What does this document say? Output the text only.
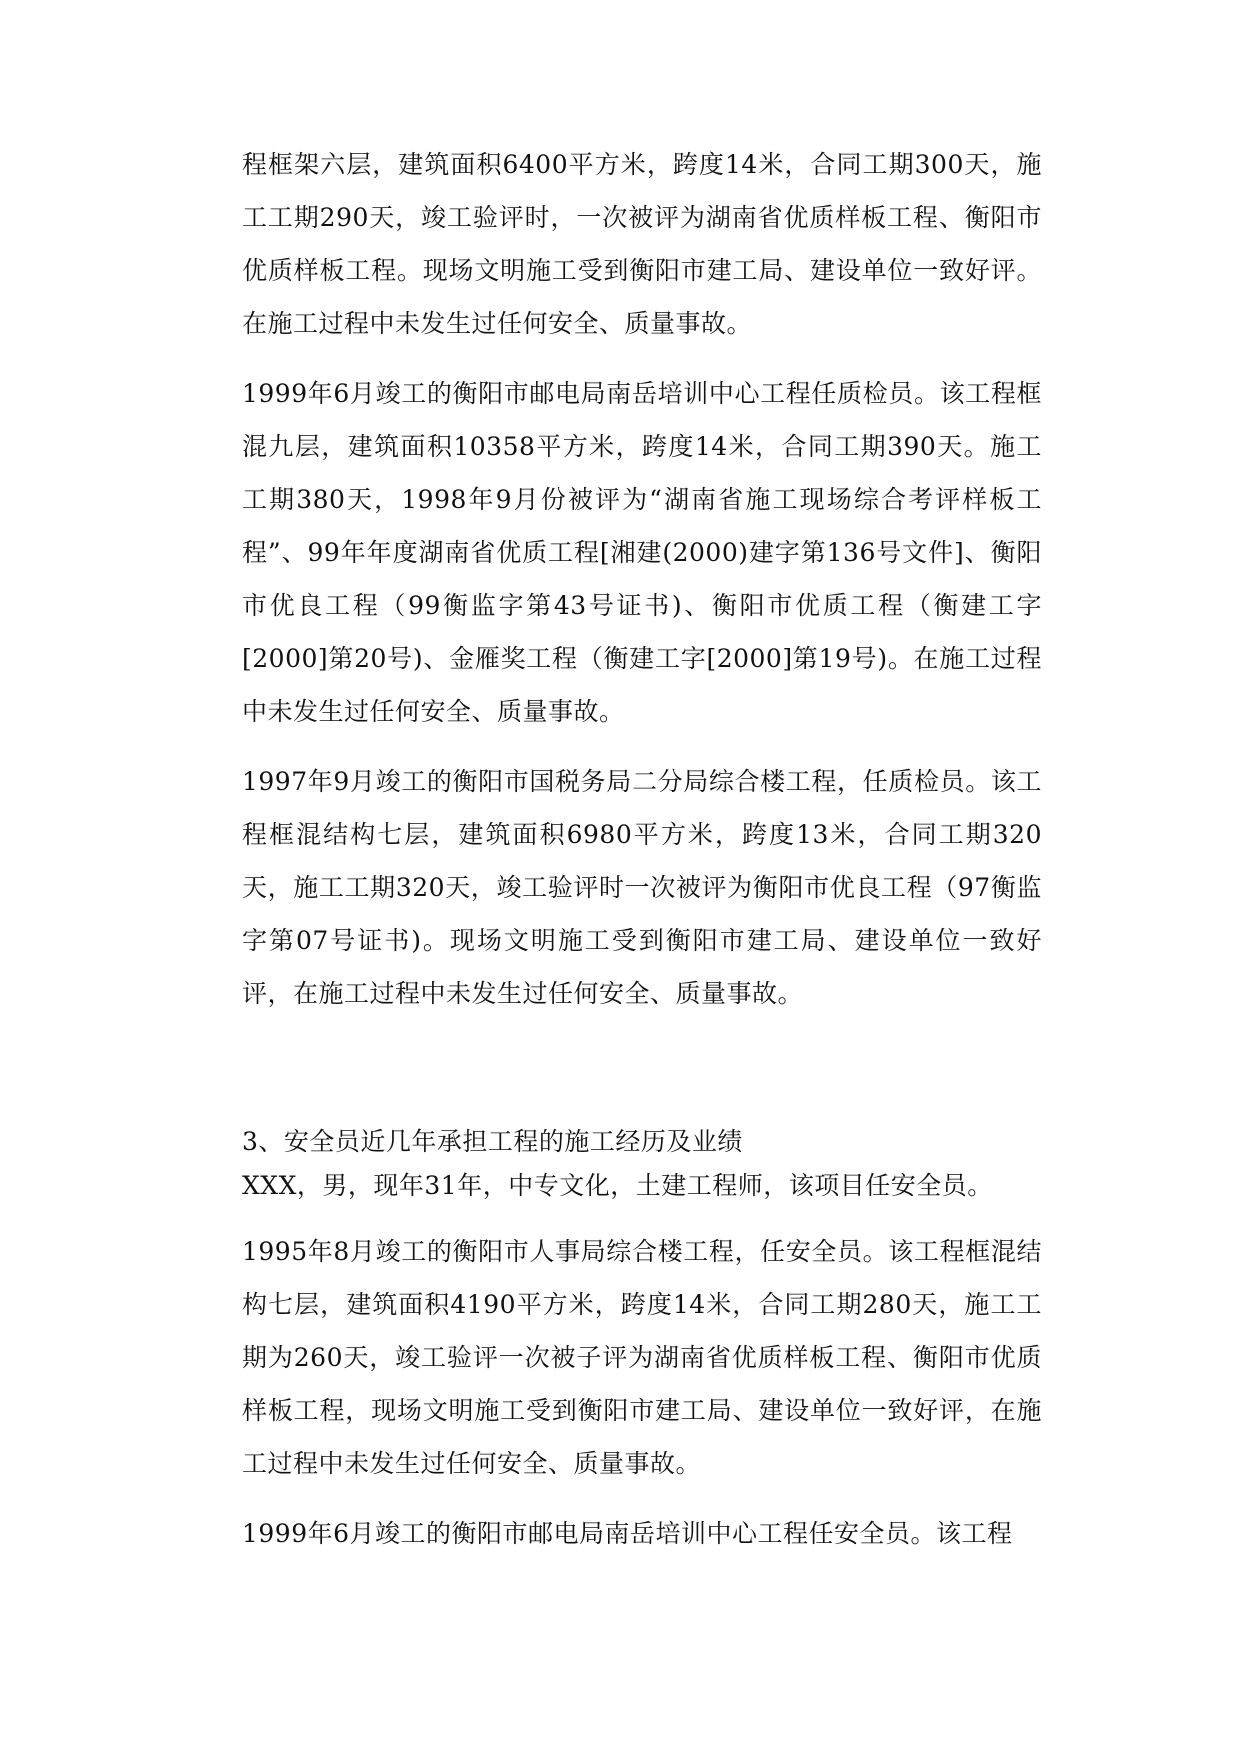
程框架六层，建筑面积6400平方米，跨度14米，合同工期300天，施工工期290天，竣工验评时，一次被评为湖南省优质样板工程、衡阳市优质样板工程。现场文明施工受到衡阳市建工局、建设单位一致好评。在施工过程中未发生过任何安全、质量事故。

1999年6月竣工的衡阳市邮电局南岳培训中心工程任质检员。该工程框混九层，建筑面积10358平方米，跨度14米，合同工期390天。施工工期380天，1998年9月份被评为“湖南省施工现场综合考评样板工程”、99年年度湖南省优质工程[湘建(2000)建字第136号文件]、衡阳市优良工程（99衡监字第43号证书)、衡阳市优质工程（衡建工字[2000]第20号)、金雁奖工程（衡建工字[2000]第19号)。在施工过程中未发生过任何安全、质量事故。

1997年9月竣工的衡阳市国税务局二分局综合楼工程，任质检员。该工程框混结构七层，建筑面积6980平方米，跨度13米，合同工期320天，施工工期320天，竣工验评时一次被评为衡阳市优良工程（97衡监字第07号证书)。现场文明施工受到衡阳市建工局、建设单位一致好评，在施工过程中未发生过任何安全、质量事故。

3、安全员近几年承担工程的施工经历及业绩

XXX，男，现年31年，中专文化，土建工程师，该项目任安全员。

1995年8月竣工的衡阳市人事局综合楼工程，任安全员。该工程框混结构七层，建筑面积4190平方米，跨度14米，合同工期280天，施工工期为260天，竣工验评一次被子评为湖南省优质样板工程、衡阳市优质样板工程，现场文明施工受到衡阳市建工局、建设单位一致好评，在施工过程中未发生过任何安全、质量事故。

1999年6月竣工的衡阳市邮电局南岳培训中心工程任安全员。该工程
